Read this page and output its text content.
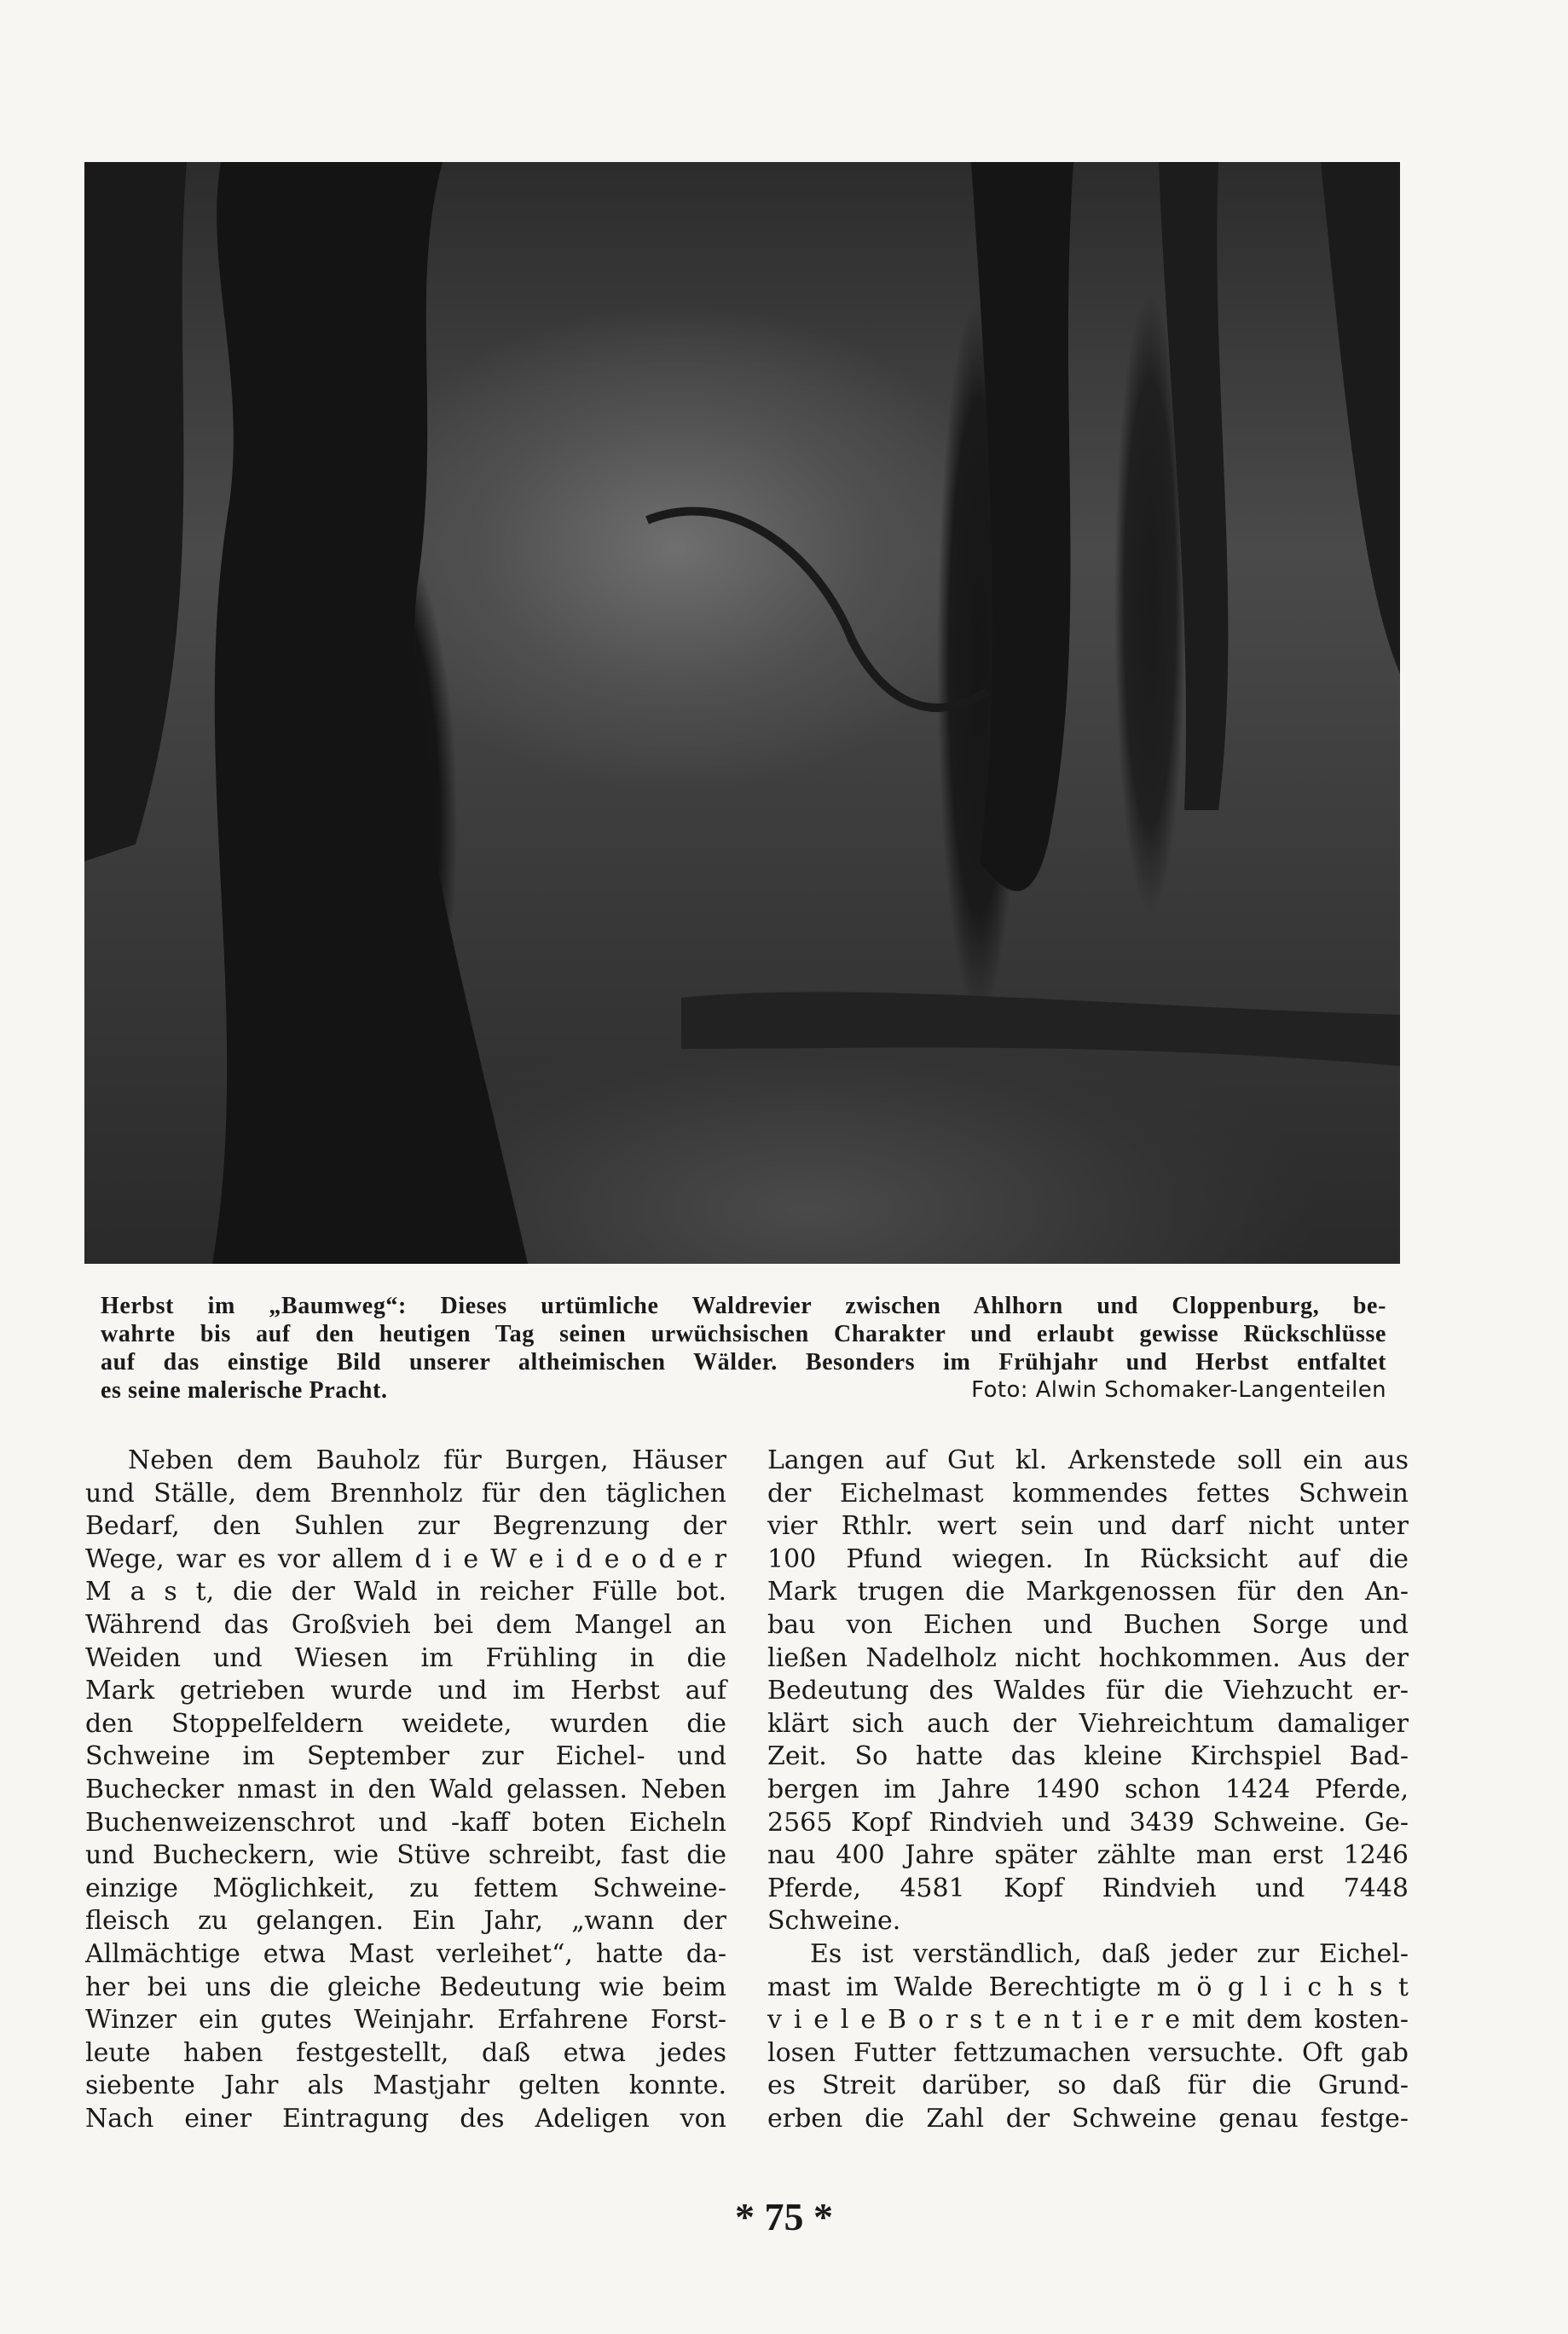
Herbst im „Baumweg“: Dieses urtümliche Waldrevier zwischen Ahlhorn und Cloppenburg, be-
wahrte bis auf den heutigen Tag seinen urwüchsischen Charakter und erlaubt gewisse Rückschlüsse
auf das einstige Bild unserer altheimischen Wälder. Besonders im Frühjahr und Herbst entfaltet
es seine malerische Pracht.	Foto: Alwin Schomaker-Langenteilen

Neben dem Bauholz für Burgen, Häuser

und Ställe, dem Brennholz für den täglichen

Bedarf, den Suhlen zur Begrenzung der

Wege, war es vor allem d i e W e i d e o d e r

M a s t, die der Wald in reicher Fülle bot.

Während das Großvieh bei dem Mangel an

Weiden und Wiesen im Frühling in die

Mark getrieben wurde und im Herbst auf

den Stoppelfeldern weidete, wurden die

Schweine im September zur Eichel- und

Buchecker nmast in den Wald gelassen. Neben

Buchenweizenschrot und -kaff boten Eicheln

und Bucheckern, wie Stüve schreibt, fast die

einzige Möglichkeit, zu fettem Schweine-

fleisch zu gelangen. Ein Jahr, „wann der

Allmächtige etwa Mast verleihet“, hatte da-

her bei uns die gleiche Bedeutung wie beim

Winzer ein gutes Weinjahr. Erfahrene Forst-

leute haben festgestellt, daß etwa jedes

siebente Jahr als Mastjahr gelten konnte.

Nach einer Eintragung des Adeligen von

Langen auf Gut kl. Arkenstede soll ein aus

der Eichelmast kommendes fettes Schwein

vier Rthlr. wert sein und darf nicht unter

100 Pfund wiegen. In Rücksicht auf die

Mark trugen die Markgenossen für den An-

bau von Eichen und Buchen Sorge und

ließen Nadelholz nicht hochkommen. Aus der

Bedeutung des Waldes für die Viehzucht er-

klärt sich auch der Viehreichtum damaliger

Zeit. So hatte das kleine Kirchspiel Bad-

bergen im Jahre 1490 schon 1424 Pferde,

2565 Kopf Rindvieh und 3439 Schweine. Ge-

nau 400 Jahre später zählte man erst 1246

Pferde, 4581 Kopf Rindvieh und 7448

Schweine.

Es ist verständlich, daß jeder zur Eichel-

mast im Walde Berechtigte m ö g l i c h s t

v i e l e B o r s t e n t i e r e mit dem kosten-

losen Futter fettzumachen versuchte. Oft gab

es Streit darüber, so daß für die Grund-

erben die Zahl der Schweine genau festge-

* 75 *
